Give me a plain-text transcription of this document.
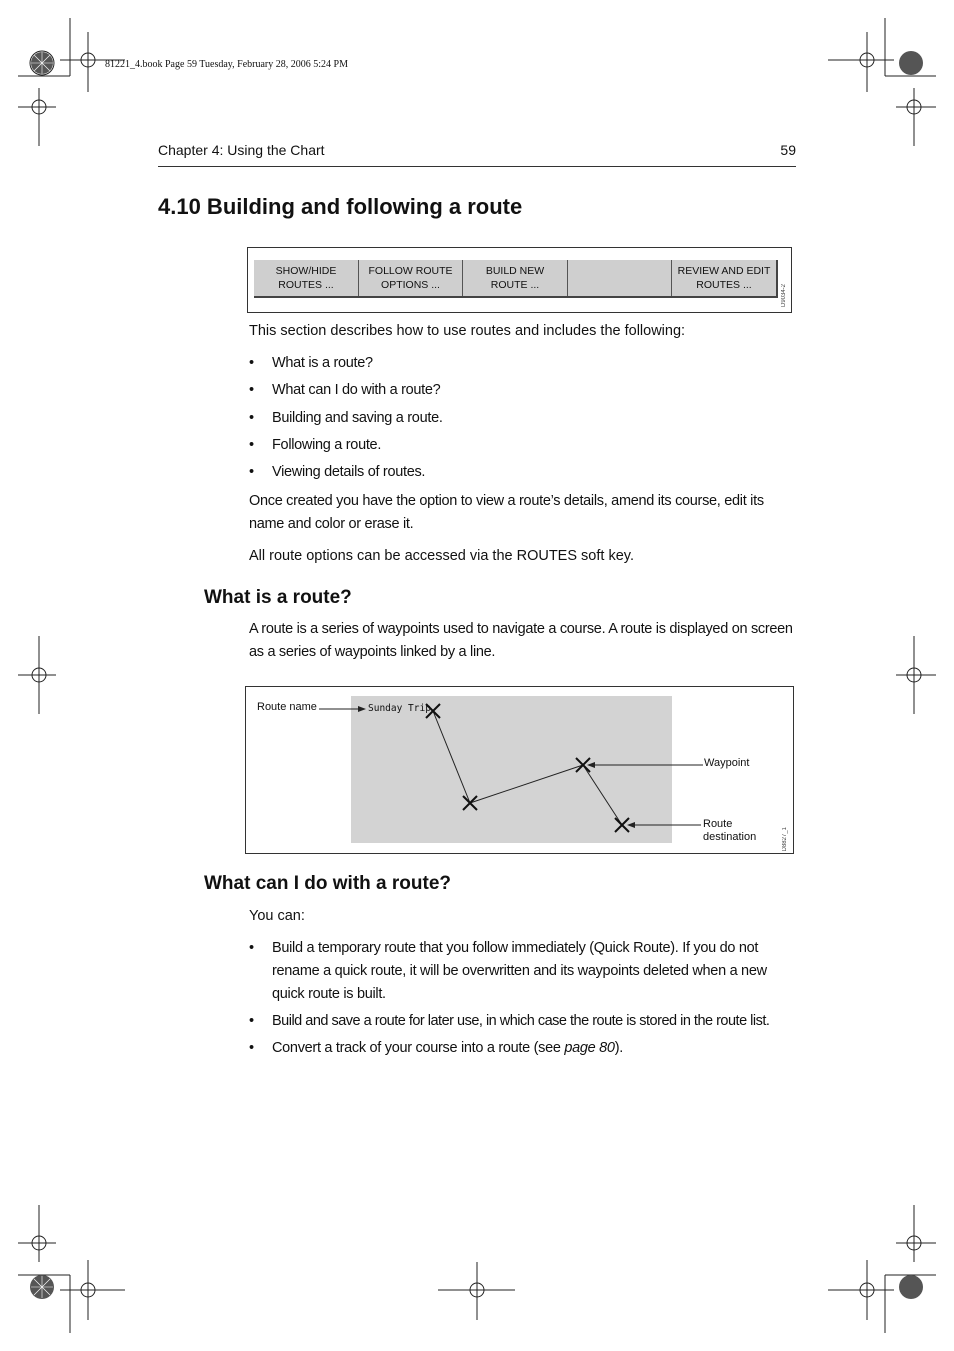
81221_4.book Page 59 Tuesday, February 28, 2006 5:24 PM
Chapter 4: Using the Chart	59
4.10 Building and following a route
SHOW/HIDE
ROUTES ...
FOLLOW ROUTE
OPTIONS ...
BUILD NEW
ROUTE ...
REVIEW AND EDIT
ROUTES ...	D9034-2
This section describes how to use routes and includes the following:
• What is a route?
• What can I do with a route?
• Building and saving a route.
• Following a route.
• Viewing details of routes.
Once created you have the option to view a route’s details, amend its course, edit its name and color or erase it.
All route options can be accessed via the ROUTES soft key.
What is a route?
A route is a series of waypoints used to navigate a course. A route is displayed on screen as a series of waypoints linked by a line.
Route name	Sunday Trip
Waypoint
Route
destination	D8827_1
What can I do with a route?
You can:
• Build a temporary route that you follow immediately (Quick Route). If you do not rename a quick route, it will be overwritten and its waypoints deleted when a new quick route is built.
• Build and save a route for later use, in which case the route is stored in the route list.
• Convert a track of your course into a route (see page 80).
